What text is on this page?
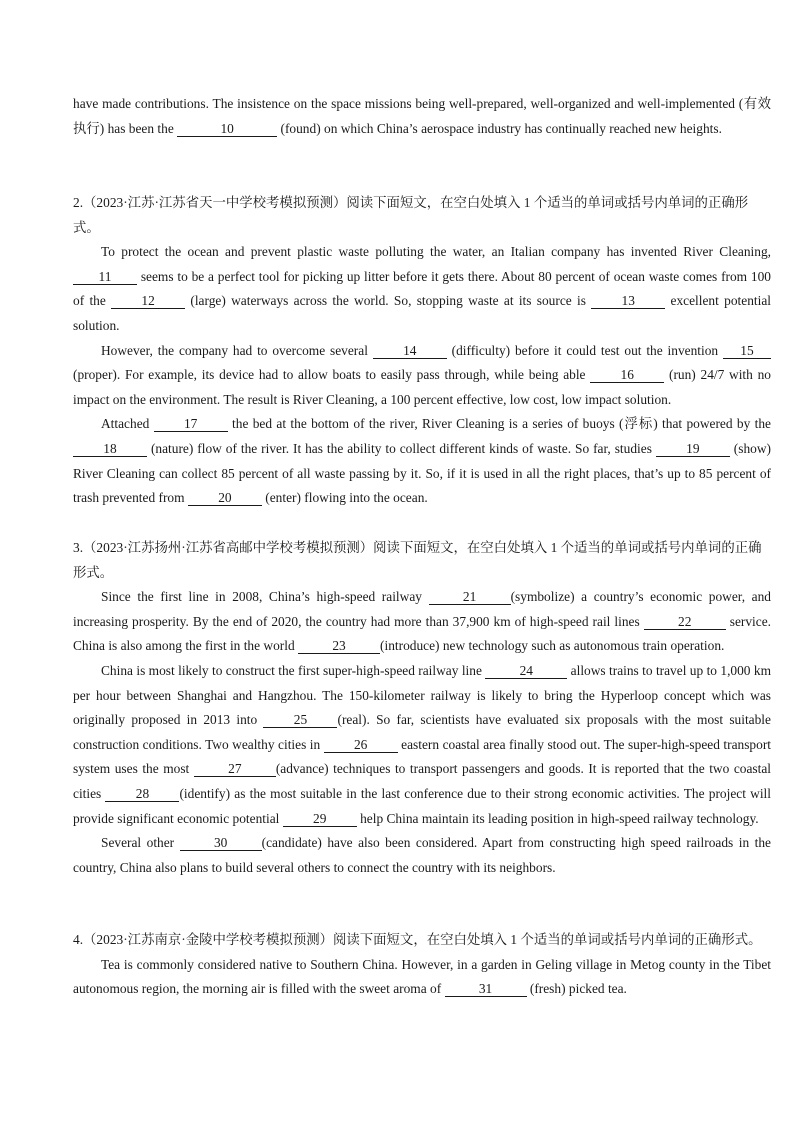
have made contributions. The insistence on the space missions being well-prepared, well-organized and well-implemented (有效执行) has been the	10	(found) on which China’s aerospace industry has continually reached new heights.

2.（2023·江苏·江苏省天一中学校考模拟预测）阅读下面短文，在空白处填入 1 个适当的单词或括号内单词的正确形式。

To protect the ocean and prevent plastic waste polluting the water, an Italian company has invented River Cleaning, 11 seems to be a perfect tool for picking up litter before it gets there. About 80 percent of ocean waste comes from 100 of the 12 (large) waterways across the world. So, stopping waste at its source is 13 excellent potential solution.

However, the company had to overcome several 14 (difficulty) before it could test out the invention 15 (proper). For example, its device had to allow boats to easily pass through, while being able 16 (run) 24/7 with no impact on the environment. The result is River Cleaning, a 100 percent effective, low cost, low impact solution.

Attached 17 the bed at the bottom of the river, River Cleaning is a series of buoys (浮标) that powered by the 18 (nature) flow of the river. It has the ability to collect different kinds of waste. So far, studies 19 (show) River Cleaning can collect 85 percent of all waste passing by it. So, if it is used in all the right places, that’s up to 85 percent of trash prevented from 20 (enter) flowing into the ocean.

3.（2023·江苏扬州·江苏省高邮中学校考模拟预测）阅读下面短文，在空白处填入 1 个适当的单词或括号内单词的正确形式。

Since the first line in 2008, China’s high-speed railway	21	(symbolize) a country’s economic power, and increasing prosperity. By the end of 2020, the country had more than 37,900 km of high-speed rail lines	22	service. China is also among the first in the world	23	(introduce) new technology such as autonomous train operation.

China is most likely to construct the first super-high-speed railway line	24	allows trains to travel up to 1,000 km per hour between Shanghai and Hangzhou. The 150-kilometer railway is likely to bring the Hyperloop concept which was originally proposed in 2013 into 25 (real). So far, scientists have evaluated six proposals with the most suitable construction conditions. Two wealthy cities in 26 eastern coastal area finally stood out. The super-high-speed transport system uses the most	27	(advance) techniques to transport passengers and goods. It is reported that the two coastal cities 28 (identify) as the most suitable in the last conference due to their strong economic activities. The project will provide significant economic potential 29 help China maintain its leading position in high-speed railway technology.

Several other	30	(candidate) have also been considered. Apart from constructing high speed railroads in the country, China also plans to build several others to connect the country with its neighbors.

4.（2023·江苏南京·金陵中学校考模拟预测）阅读下面短文，在空白处填入 1 个适当的单词或括号内单词的正确形式。

Tea is commonly considered native to Southern China. However, in a garden in Geling village in Metog county in the Tibet autonomous region, the morning air is filled with the sweet aroma of	31	(fresh) picked tea.
